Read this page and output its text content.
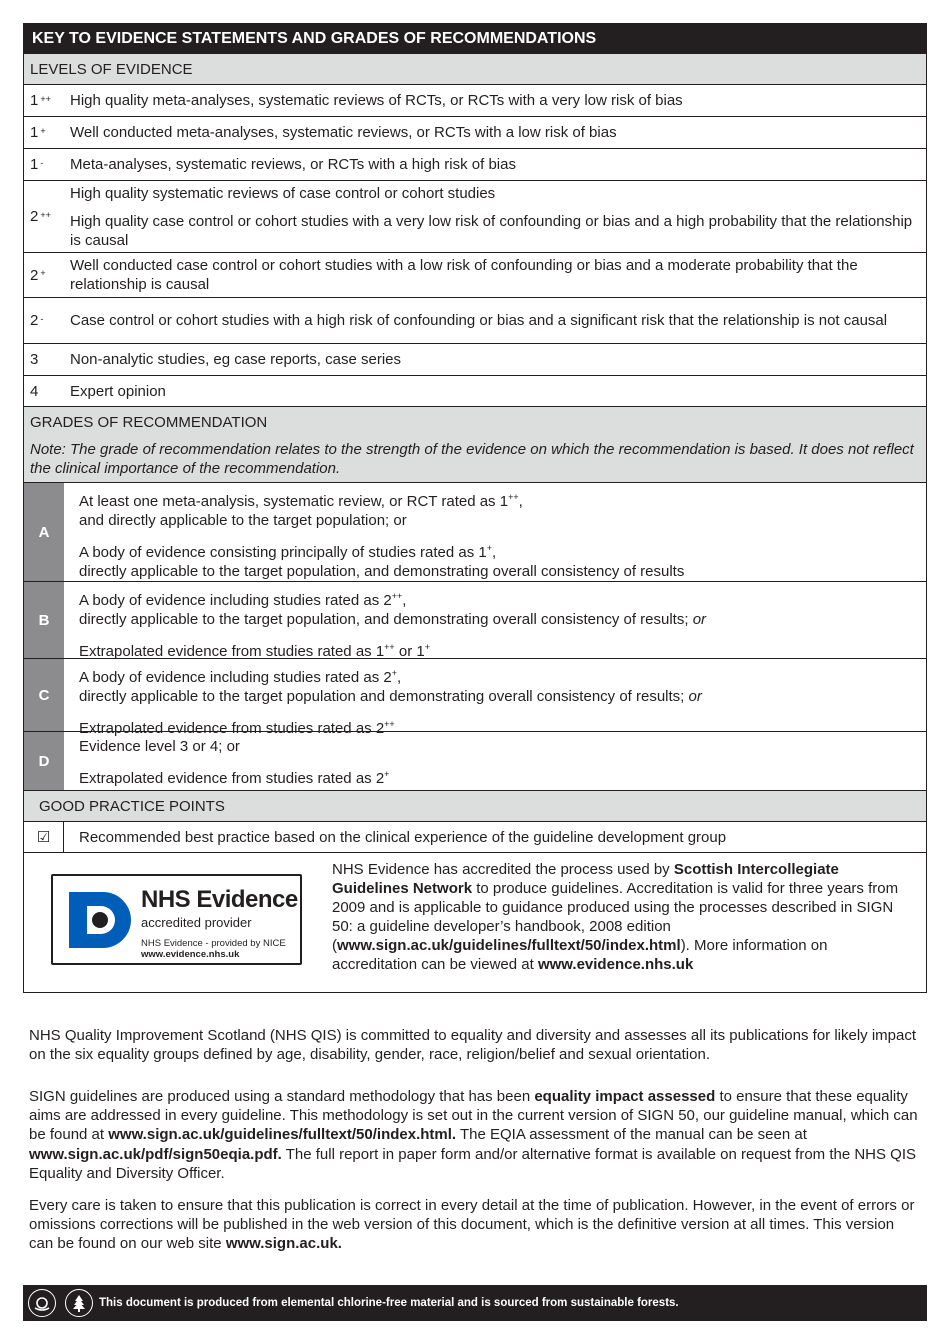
KEY TO EVIDENCE STATEMENTS AND GRADES OF RECOMMENDATIONS
LEVELS OF EVIDENCE
1++ High quality meta-analyses, systematic reviews of RCTs, or RCTs with a very low risk of bias

1+ Well conducted meta-analyses, systematic reviews, or RCTs with a low risk of bias

1- Meta-analyses, systematic reviews, or RCTs with a high risk of bias

2++

High quality systematic reviews of case control or cohort studies

High quality case control or cohort studies with a very low risk of confounding or bias and a high probability that the relationship is causal

2+ Well conducted case control or cohort studies with a low risk of confounding or bias and a moderate probability that the relationship is causal

2- Case control or cohort studies with a high risk of confounding or bias and a significant risk that the relationship is not causal

3 Non-analytic studies, eg case reports, case series

4 Expert opinion

GRADES OF RECOMMENDATION
Note: The grade of recommendation relates to the strength of the evidence on which the recommendation is based. It does not reflect the clinical importance of the recommendation.
A

At least one meta-analysis, systematic review, or RCT rated as 1++,
and directly applicable to the target population; or

A body of evidence consisting principally of studies rated as 1+,
directly applicable to the target population, and demonstrating overall consistency of results

B

A body of evidence including studies rated as 2++,
directly applicable to the target population, and demonstrating overall consistency of results; or

Extrapolated evidence from studies rated as 1++ or 1+

C

A body of evidence including studies rated as 2+,
directly applicable to the target population and demonstrating overall consistency of results; or

Extrapolated evidence from studies rated as 2++

D

Evidence level 3 or 4; or

Extrapolated evidence from studies rated as 2+

GOOD PRACTICE POINTS
☑	Recommended best practice based on the clinical experience of the guideline development group
NHS Evidence
accredited provider
NHS Evidence - provided by NICE
www.evidence.nhs.uk
NHS Evidence has accredited the process used by Scottish Intercollegiate Guidelines Network to produce guidelines. Accreditation is valid for three years from 2009 and is applicable to guidance produced using the processes described in SIGN 50: a guideline developer’s handbook, 2008 edition (www.sign.ac.uk/guidelines/fulltext/50/index.html). More information on accreditation can be viewed at www.evidence.nhs.uk
NHS Quality Improvement Scotland (NHS QIS) is committed to equality and diversity and assesses all its publications for likely impact on the six equality groups defined by age, disability, gender, race, religion/belief and sexual orientation.
SIGN guidelines are produced using a standard methodology that has been equality impact assessed to ensure that these equality aims are addressed in every guideline. This methodology is set out in the current version of SIGN 50, our guideline manual, which can be found at www.sign.ac.uk/guidelines/fulltext/50/index.html. The EQIA assessment of the manual can be seen at www.sign.ac.uk/pdf/sign50eqia.pdf. The full report in paper form and/or alternative format is available on request from the NHS QIS Equality and Diversity Officer.
Every care is taken to ensure that this publication is correct in every detail at the time of publication. However, in the event of errors or omissions corrections will be published in the web version of this document, which is the definitive version at all times. This version can be found on our web site www.sign.ac.uk.
This document is produced from elemental chlorine-free material and is sourced from sustainable forests.
